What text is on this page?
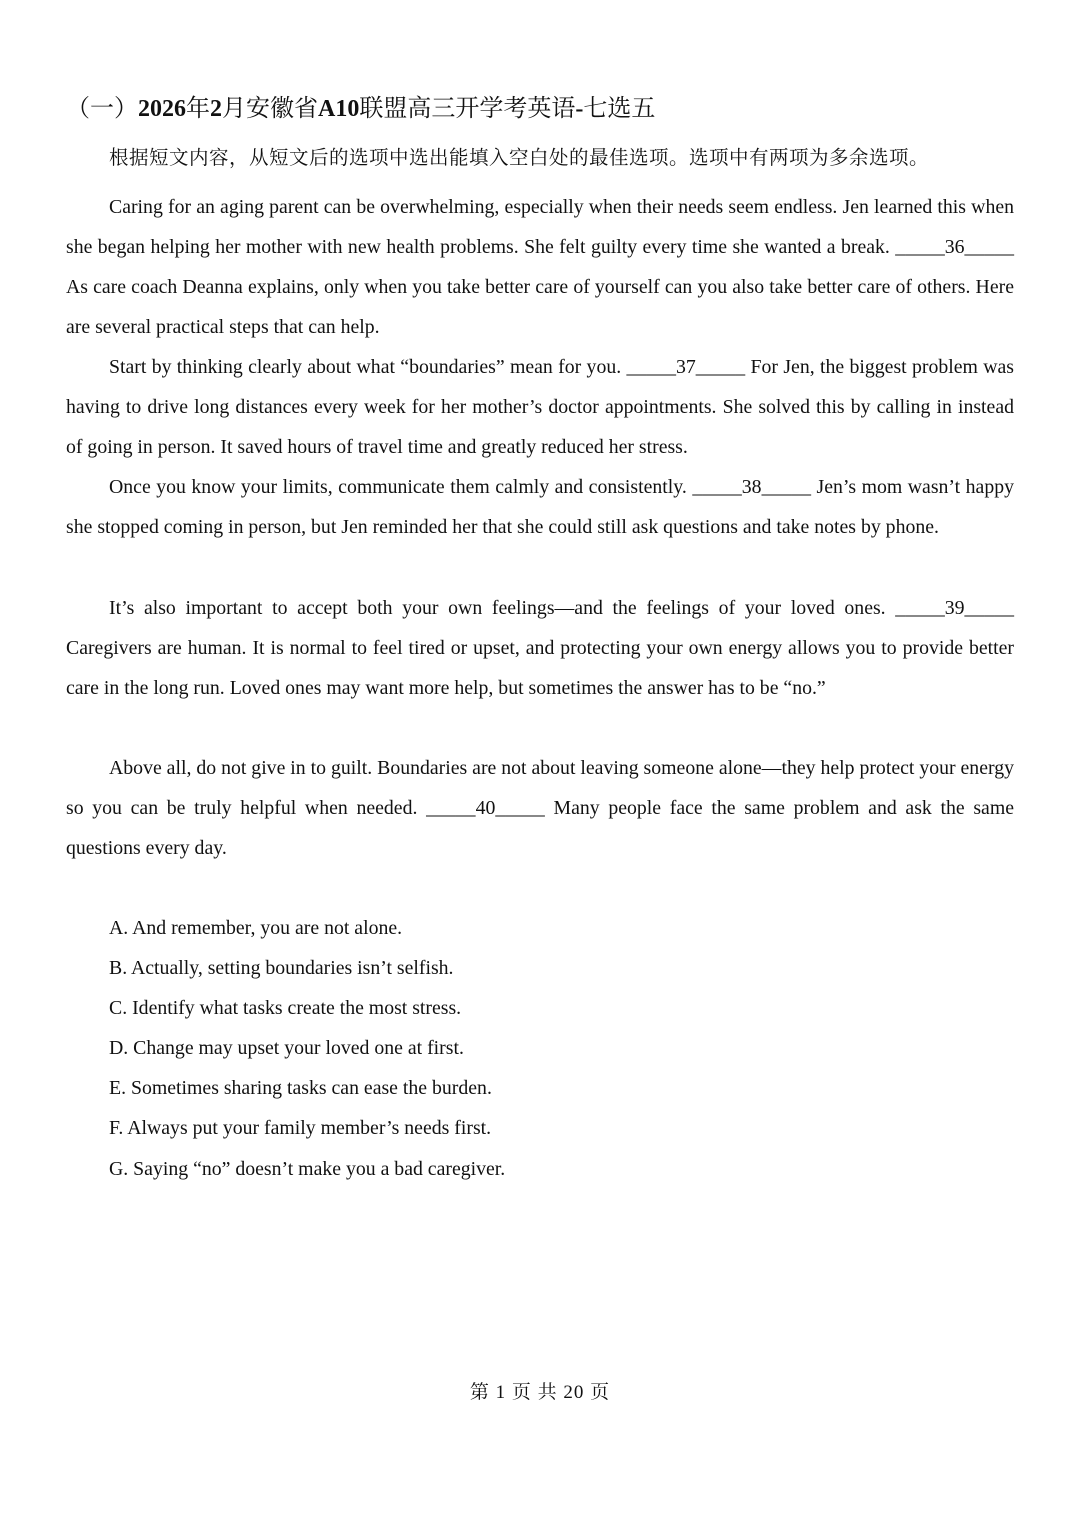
（一）2026年2月安徽省A10联盟高三开学考英语-七选五
根据短文内容，从短文后的选项中选出能填入空白处的最佳选项。选项中有两项为多余选项。

Caring for an aging parent can be overwhelming, especially when their needs seem endless. Jen learned this when she began helping her mother with new health problems. She felt guilty every time she wanted a break. _____36_____ As care coach Deanna explains, only when you take better care of yourself can you also take better care of others. Here are several practical steps that can help.

Start by thinking clearly about what “boundaries” mean for you. _____37_____ For Jen, the biggest problem was having to drive long distances every week for her mother’s doctor appointments. She solved this by calling in instead of going in person. It saved hours of travel time and greatly reduced her stress.

Once you know your limits, communicate them calmly and consistently. _____38_____ Jen’s mom wasn’t happy she stopped coming in person, but Jen reminded her that she could still ask questions and take notes by phone.

It’s also important to accept both your own feelings—and the feelings of your loved ones. _____39_____ Caregivers are human. It is normal to feel tired or upset, and protecting your own energy allows you to provide better care in the long run. Loved ones may want more help, but sometimes the answer has to be “no.”

Above all, do not give in to guilt. Boundaries are not about leaving someone alone—they help protect your energy so you can be truly helpful when needed. _____40_____ Many people face the same problem and ask the same questions every day.

A. And remember, you are not alone.
B. Actually, setting boundaries isn’t selfish.
C. Identify what tasks create the most stress.
D. Change may upset your loved one at first.
E. Sometimes sharing tasks can ease the burden.
F. Always put your family member’s needs first.
G. Saying “no” doesn’t make you a bad caregiver.
第 1 页 共 20 页
